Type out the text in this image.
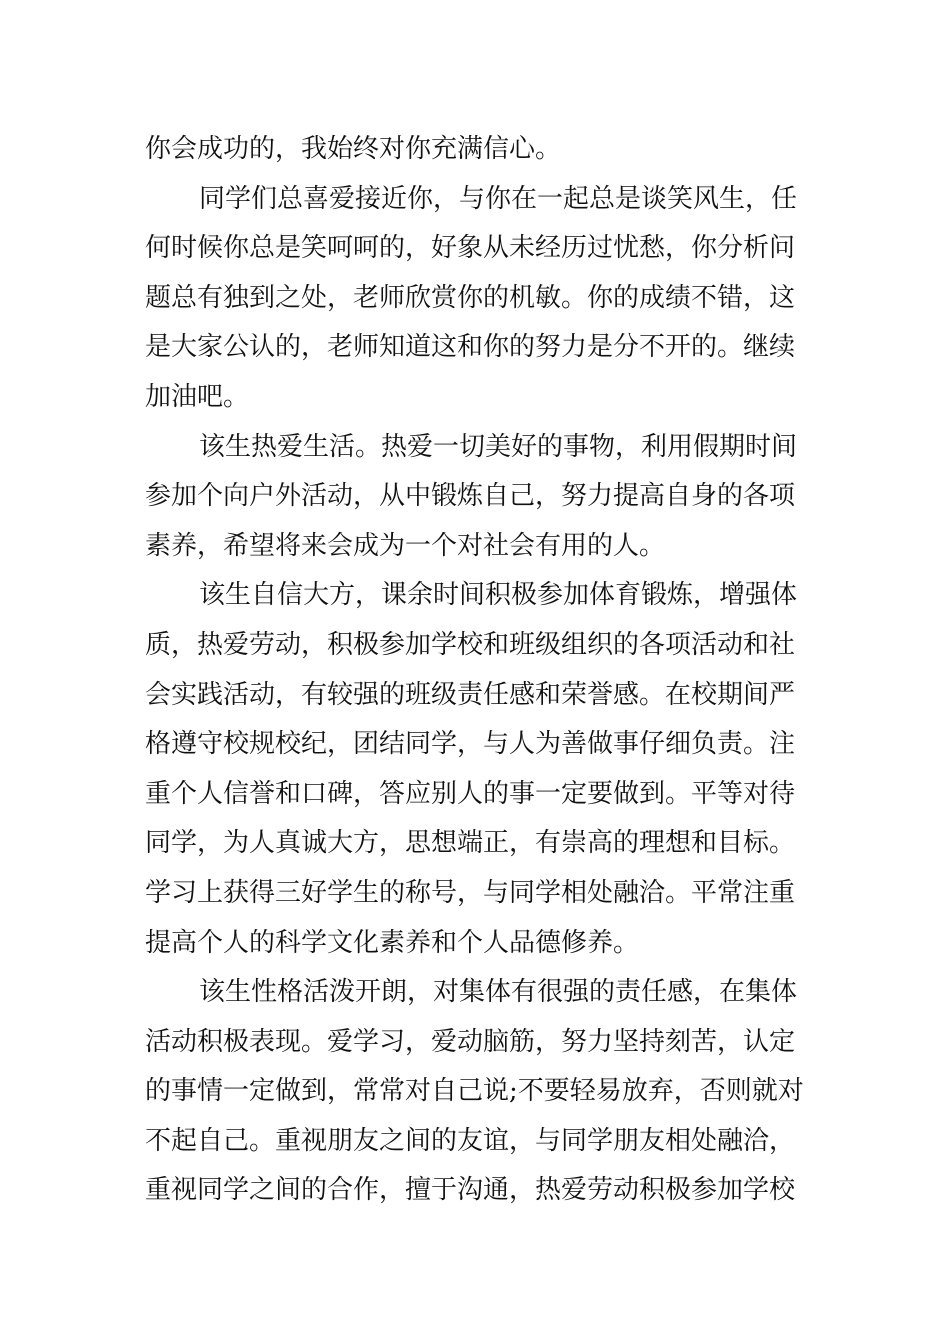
你会成功的，我始终对你充满信心。
同学们总喜爱接近你，与你在一起总是谈笑风生，任
何时候你总是笑呵呵的，好象从未经历过忧愁，你分析问
题总有独到之处，老师欣赏你的机敏。你的成绩不错，这
是大家公认的，老师知道这和你的努力是分不开的。继续
加油吧。
该生热爱生活。热爱一切美好的事物，利用假期时间
参加个向户外活动，从中锻炼自己，努力提高自身的各项
素养，希望将来会成为一个对社会有用的人。
该生自信大方，课余时间积极参加体育锻炼，增强体
质，热爱劳动，积极参加学校和班级组织的各项活动和社
会实践活动，有较强的班级责任感和荣誉感。在校期间严
格遵守校规校纪，团结同学，与人为善做事仔细负责。注
重个人信誉和口碑，答应别人的事一定要做到。平等对待
同学，为人真诚大方，思想端正，有崇高的理想和目标。
学习上获得三好学生的称号，与同学相处融洽。平常注重
提高个人的科学文化素养和个人品德修养。
该生性格活泼开朗，对集体有很强的责任感，在集体
活动积极表现。爱学习，爱动脑筋，努力坚持刻苦，认定
的事情一定做到，常常对自己说;不要轻易放弃，否则就对
不起自己。重视朋友之间的友谊，与同学朋友相处融洽，
重视同学之间的合作，擅于沟通，热爱劳动积极参加学校
